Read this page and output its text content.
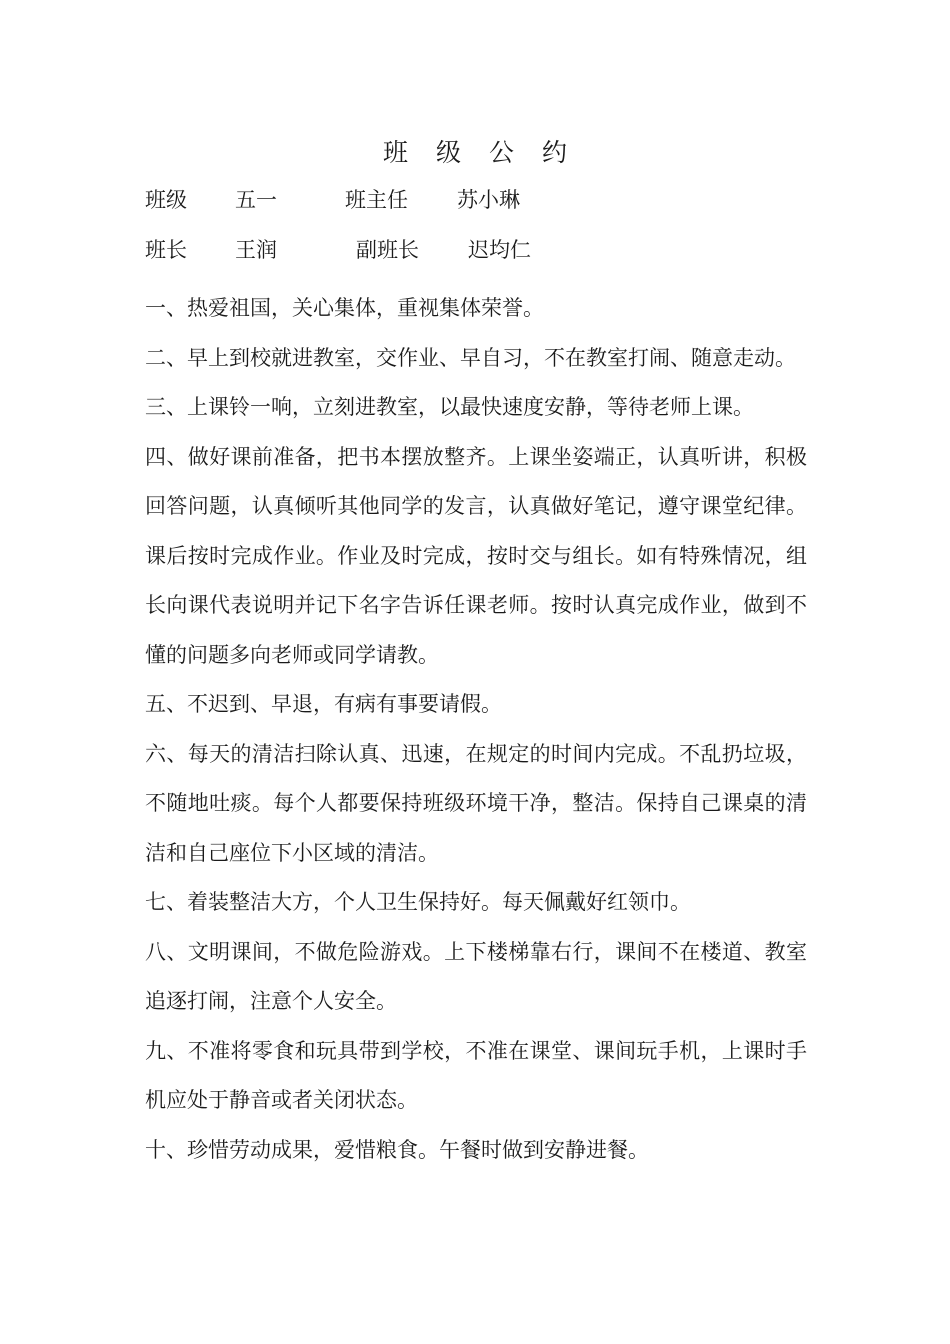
班 级 公 约
班级 五一	班主任 苏小琳
班长 王润	副班长 迟均仁

一、热爱祖国，关心集体，重视集体荣誉。

二、早上到校就进教室，交作业、早自习，不在教室打闹、随意走动。

三、上课铃一响，立刻进教室，以最快速度安静，等待老师上课。

四、做好课前准备，把书本摆放整齐。上课坐姿端正，认真听讲，积极回答问题，认真倾听其他同学的发言，认真做好笔记，遵守课堂纪律。课后按时完成作业。作业及时完成，按时交与组长。如有特殊情况，组长向课代表说明并记下名字告诉任课老师。按时认真完成作业，做到不懂的问题多向老师或同学请教。

五、不迟到、早退，有病有事要请假。

六、每天的清洁扫除认真、迅速，在规定的时间内完成。不乱扔垃圾，不随地吐痰。每个人都要保持班级环境干净，整洁。保持自己课桌的清洁和自己座位下小区域的清洁。

七、着装整洁大方，个人卫生保持好。每天佩戴好红领巾。

八、文明课间，不做危险游戏。上下楼梯靠右行，课间不在楼道、教室追逐打闹，注意个人安全。

九、不准将零食和玩具带到学校，不准在课堂、课间玩手机，上课时手机应处于静音或者关闭状态。

十、珍惜劳动成果，爱惜粮食。午餐时做到安静进餐。
